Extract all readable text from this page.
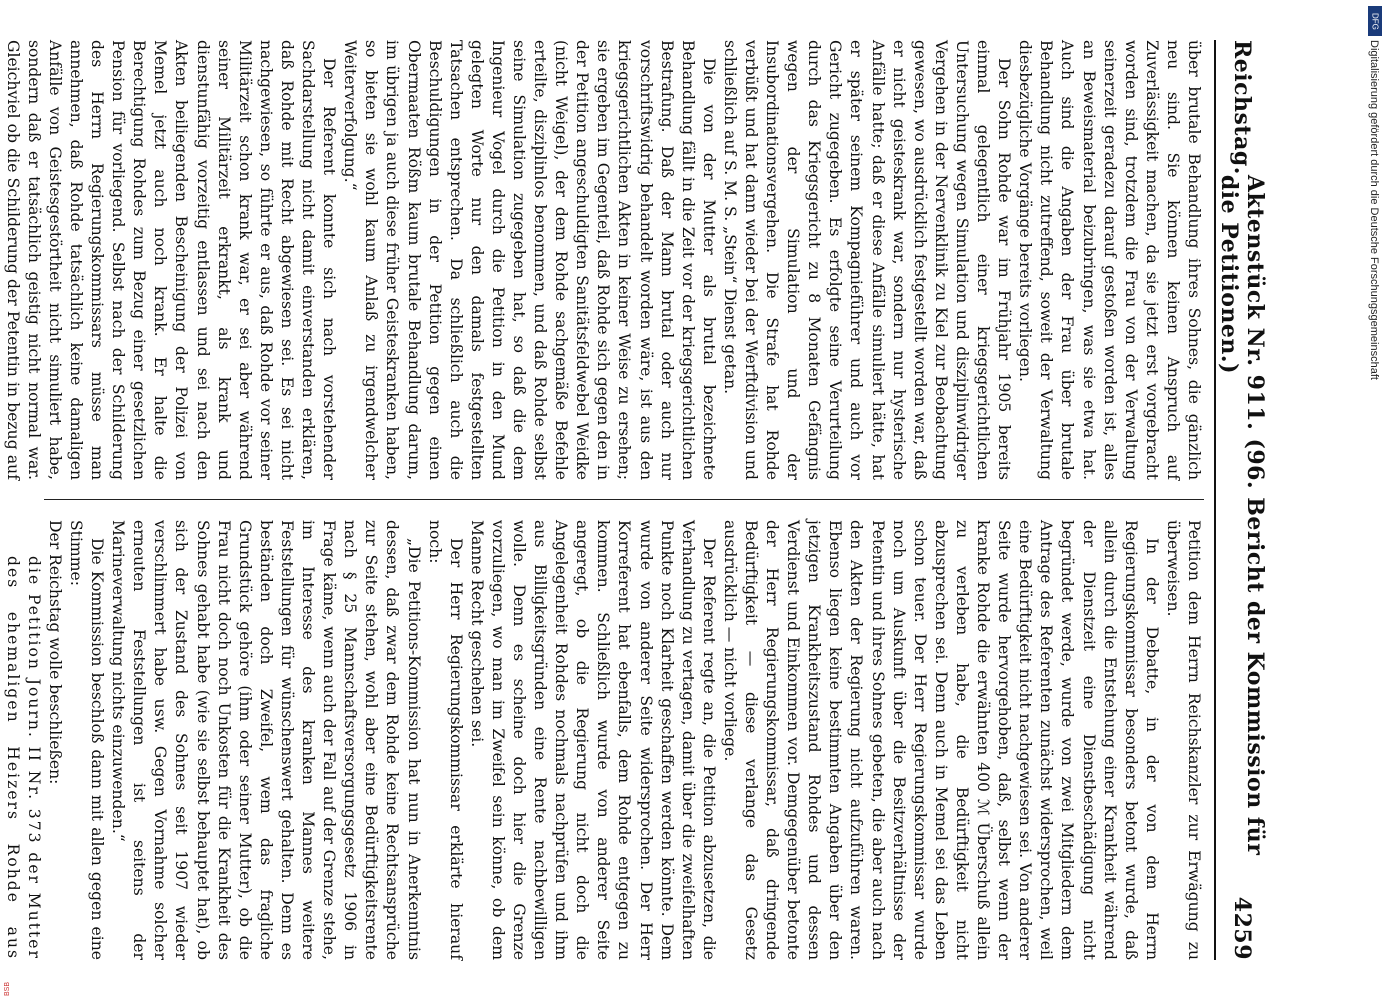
Reichstag.
Aktenstück Nr. 911. (96. Bericht der Kommission für die Petitionen.)
4259

über brutale Behandlung ihres Sohnes, die gänzlich neu sind. Sie können keinen Anspruch auf Zuverlässigkeit machen, da sie jetzt erst vorgebracht worden sind, trotzdem die Frau von der Verwaltung seinerzeit geradezu darauf gestoßen worden ist, alles an Beweismaterial beizubringen, was sie etwa hat. Auch sind die Angaben der Frau über brutale Behandlung nicht zutreffend, soweit der Verwaltung diesbezügliche Vorgänge bereits vorliegen.

Der Sohn Rohde war im Frühjahr 1905 bereits einmal gelegentlich einer kriegsgerichtlichen Untersuchung wegen Simulation und disziplinwidriger Vergehen in der Nervenklinik zu Kiel zur Beobachtung gewesen, wo ausdrücklich festgestellt worden war, daß er nicht geisteskrank war, sondern nur hysterische Anfälle hatte; daß er diese Anfälle simuliert hätte, hat er später seinem Kompagnieführer und auch vor Gericht zugegeben. Es erfolgte seine Verurteilung durch das Kriegsgericht zu 8 Monaten Gefängnis wegen der Simulation und der Insubordinationsvergehen. Die Strafe hat Rohde verbüßt und hat dann wieder bei der Werftdivision und schließlich auf S. M. S. „Stein“ Dienst getan.

Die von der Mutter als brutal bezeichnete Behandlung fällt in die Zeit vor der kriegsgerichtlichen Bestrafung. Daß der Mann brutal oder auch nur vorschriftswidrig behandelt worden wäre, ist aus den kriegsgerichtlichen Akten in keiner Weise zu ersehen; sie ergeben im Gegenteil, daß Rohde sich gegen den in der Petition angeschuldigten Sanitätsfeldwebel Weidke (nicht Weigel), der dem Rohde sachgemäße Befehle erteilte, disziplinlos benommen, und daß Rohde selbst seine Simulation zugegeben hat, so daß die dem Ingenieur Vogel durch die Petition in den Mund gelegten Worte nur den damals festgestellten Tatsachen entsprechen. Da schließlich auch die Beschuldigungen in der Petition gegen einen Obermaaten Rößm kaum brutale Behandlung darum, im übrigen ja auch diese früher Geisteskranken haben, so bieten sie wohl kaum Anlaß zu irgendwelcher Weiterverfolgung.“

Der Referent konnte sich nach vorstehender Sachdarstellung nicht damit einverstanden erklären, daß Rohde mit Recht abgewiesen sei. Es sei nicht nachgewiesen, so führte er aus, daß Rohde vor seiner Militärzeit schon krank war, er sei aber während seiner Militärzeit erkrankt, als krank und dienstunfähig vorzeitig entlassen und sei nach den Akten beiliegenden Bescheinigung der Polizei von Memel jetzt auch noch krank. Er halte die Berechtigung Rohdes zum Bezug einer gesetzlichen Pension für vorliegend. Selbst nach der Schilderung des Herrn Regierungskommissars müsse man annehmen, daß Rohde tatsächlich keine damaligen Anfälle von Geistesgestörtheit nicht simuliert habe, sondern daß er tatsächlich geistig nicht normal war. Gleichviel ob die Schilderung der Petentin in bezug auf

Petition dem Herrn Reichskanzler zur Erwägung zu überweisen.

In der Debatte, in der von dem Herrn Regierungskommissar besonders betont wurde, daß allein durch die Entstehung einer Krankheit während der Dienstzeit eine Dienstbeschädigung nicht begründet werde, wurde von zwei Mitgliedern dem Antrage des Referenten zunächst widersprochen, weil eine Bedürftigkeit nicht nachgewiesen sei. Von anderer Seite wurde hervorgehoben, daß, selbst wenn der kranke Rohde die erwähnten 400 ℳ Überschuß allein zu verleben habe, die Bedürftigkeit nicht abzusprechen sei. Denn auch in Memel sei das Leben schon teuer. Der Herr Regierungskommissar wurde noch um Auskunft über die Besitzverhältnisse der Petentin und ihres Sohnes gebeten, die aber auch nach den Akten der Regierung nicht aufzuführen waren. Ebenso liegen keine bestimmten Angaben über den jetzigen Krankheitszustand Rohdes und dessen Verdienst und Einkommen vor. Demgegenüber betonte der Herr Regierungskommissar, daß dringende Bedürftigkeit — diese verlange das Gesetz ausdrücklich — nicht vorliege.

Der Referent regte an, die Petition abzusetzen, die Verhandlung zu vertagen, damit über die zweifelhaften Punkte noch Klarheit geschaffen werden könnte. Dem wurde von anderer Seite widersprochen. Der Herr Korreferent hat ebenfalls, dem Rohde entgegen zu kommen. Schließlich wurde von anderer Seite angeregt, ob die Regierung nicht doch die Angelegenheit Rohdes nochmals nachprüfen und ihm aus Billigkeitsgründen eine Rente nachbewilligen wolle. Denn es scheine doch hier die Grenze vorzuliegen, wo man im Zweifel sein könne, ob dem Manne Recht geschehen sei.

Der Herr Regierungskommissar erklärte hierauf noch:

„Die Petitions-Kommission hat nun in Anerkenntnis dessen, daß zwar dem Rohde keine Rechtsansprüche zur Seite stehen, wohl aber eine Bedürftigkeitsrente nach § 25 Mannschaftsversorgungsgesetz 1906 in Frage käme, wenn auch der Fall auf der Grenze stehe, im Interesse des kranken Mannes weitere Feststellungen für wünschenswert gehalten. Denn es beständen doch Zweifel, wem das fragliche Grundstück gehöre (ihm oder seiner Mutter), ob die Frau nicht doch noch Unkosten für die Krankheit des Sohnes gehabt habe (wie sie selbst behauptet hat), ob sich der Zustand des Sohnes seit 1907 wieder verschlimmert habe usw. Gegen Vornahme solcher erneuten Feststellungen ist seitens der Marineverwaltung nichts einzuwenden.“

Die Kommission beschloß dann mit allen gegen eine Stimme:

Der Reichstag wolle beschließen:

die Petition Journ. II Nr. 373 der Mutter des ehemaligen Heizers Rohde aus

DFG
Digitalisierung gefördert durch die Deutsche Forschungsgemeinschaft
BSB
